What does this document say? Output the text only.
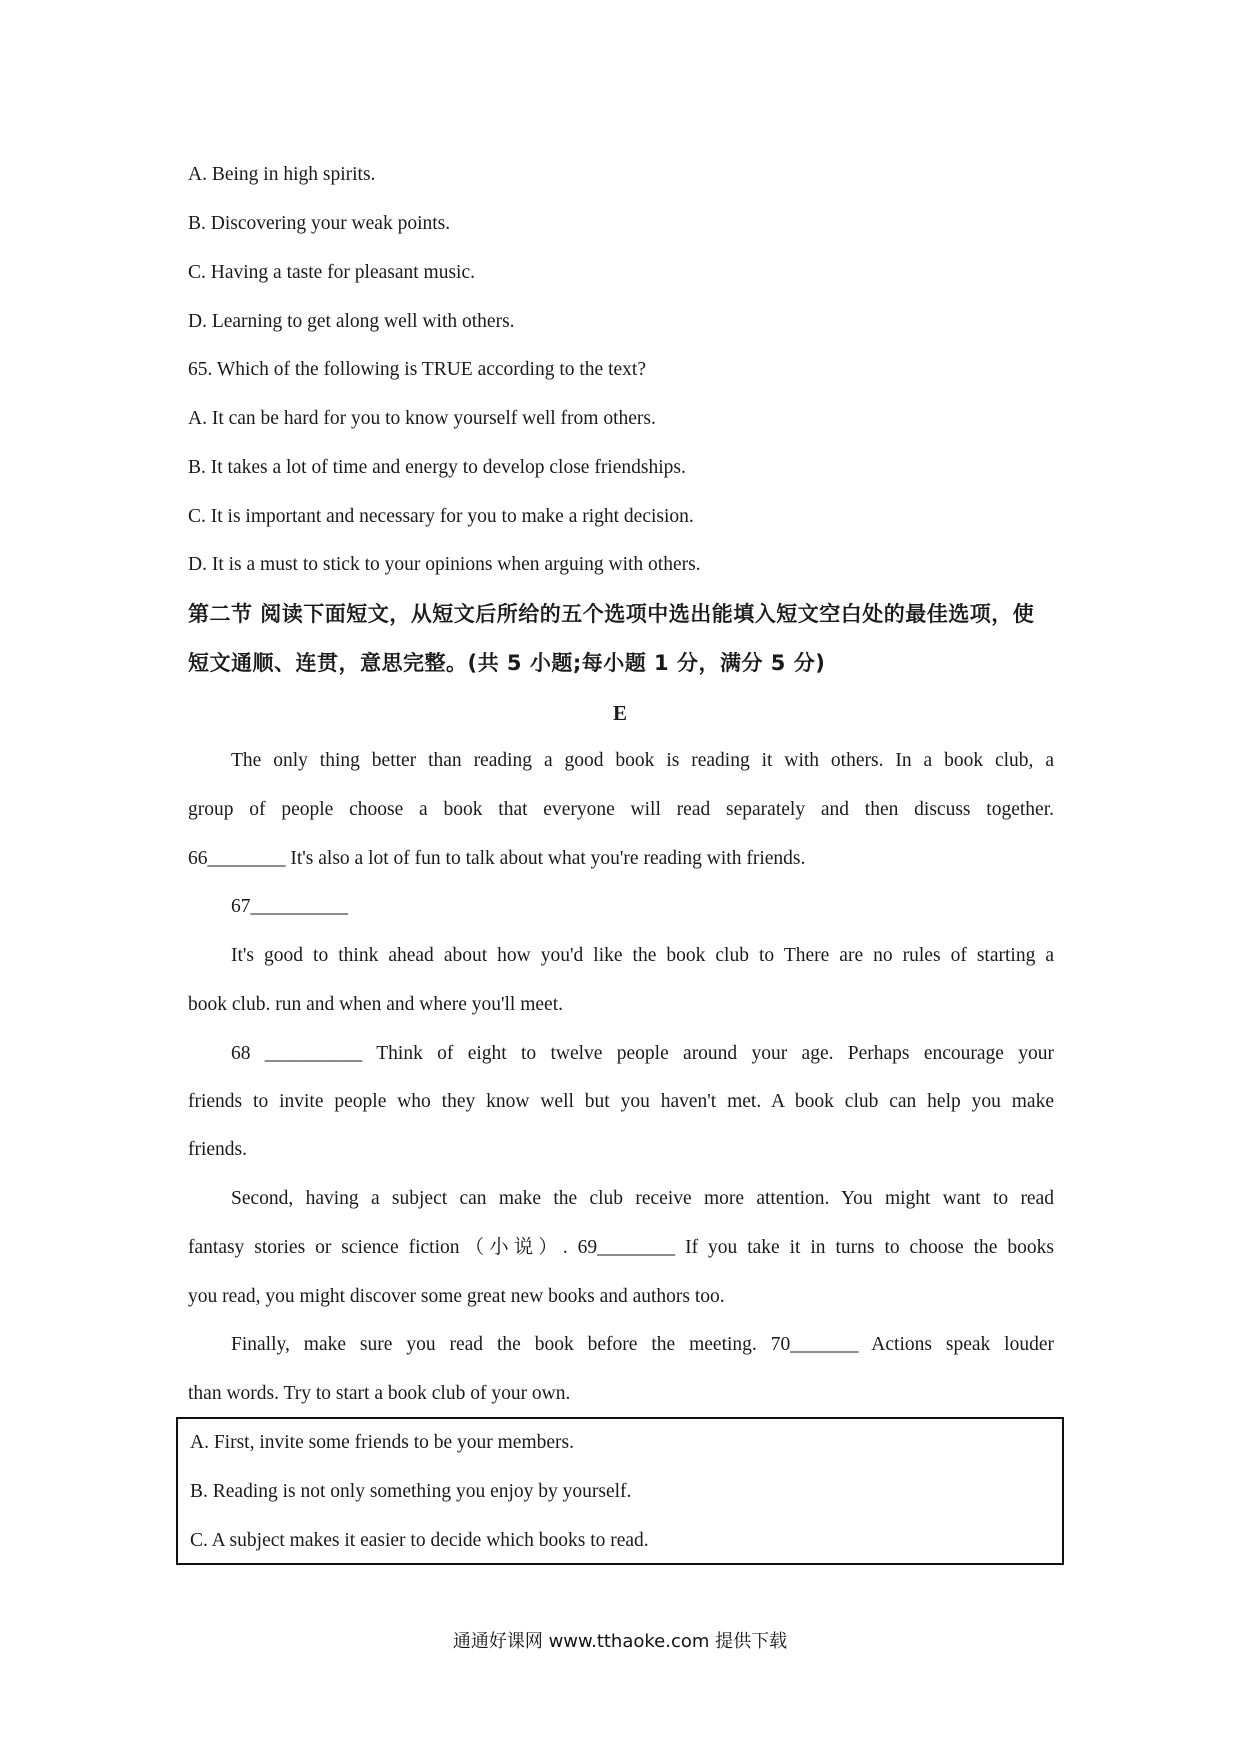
A. Being in high spirits.
B. Discovering your weak points.
C. Having a taste for pleasant music.
D. Learning to get along well with others.
65. Which of the following is TRUE according to the text?
A. It can be hard for you to know yourself well from others.
B. It takes a lot of time and energy to develop close friendships.
C. It is important and necessary for you to make a right decision.
D. It is a must to stick to your opinions when arguing with others.
第二节 阅读下面短文，从短文后所给的五个选项中选出能填入短文空白处的最佳选项，使
短文通顺、连贯，意思完整。(共 5 小题;每小题 1 分，满分 5 分)
E
The only thing better than reading a good book is reading it with others. In a book club, a
group of people choose a book that everyone will read separately and then discuss together.
66________ It's also a lot of fun to talk about what you're reading with friends.
67__________
It's good to think ahead about how you'd like the book club to There are no rules of starting a
book club. run and when and where you'll meet.
68 __________ Think of eight to twelve people around your age. Perhaps encourage your
friends to invite people who they know well but you haven't met. A book club can help you make
friends.
Second, having a subject can make the club receive more attention. You might want to read
fantasy stories or science fiction（小说）. 69________ If you take it in turns to choose the books
you read, you might discover some great new books and authors too.
Finally, make sure you read the book before the meeting. 70_______ Actions speak louder
than words. Try to start a book club of your own.
A. First, invite some friends to be your members.
B. Reading is not only something you enjoy by yourself.
C. A subject makes it easier to decide which books to read.
通通好课网 www.tthaoke.com 提供下载
